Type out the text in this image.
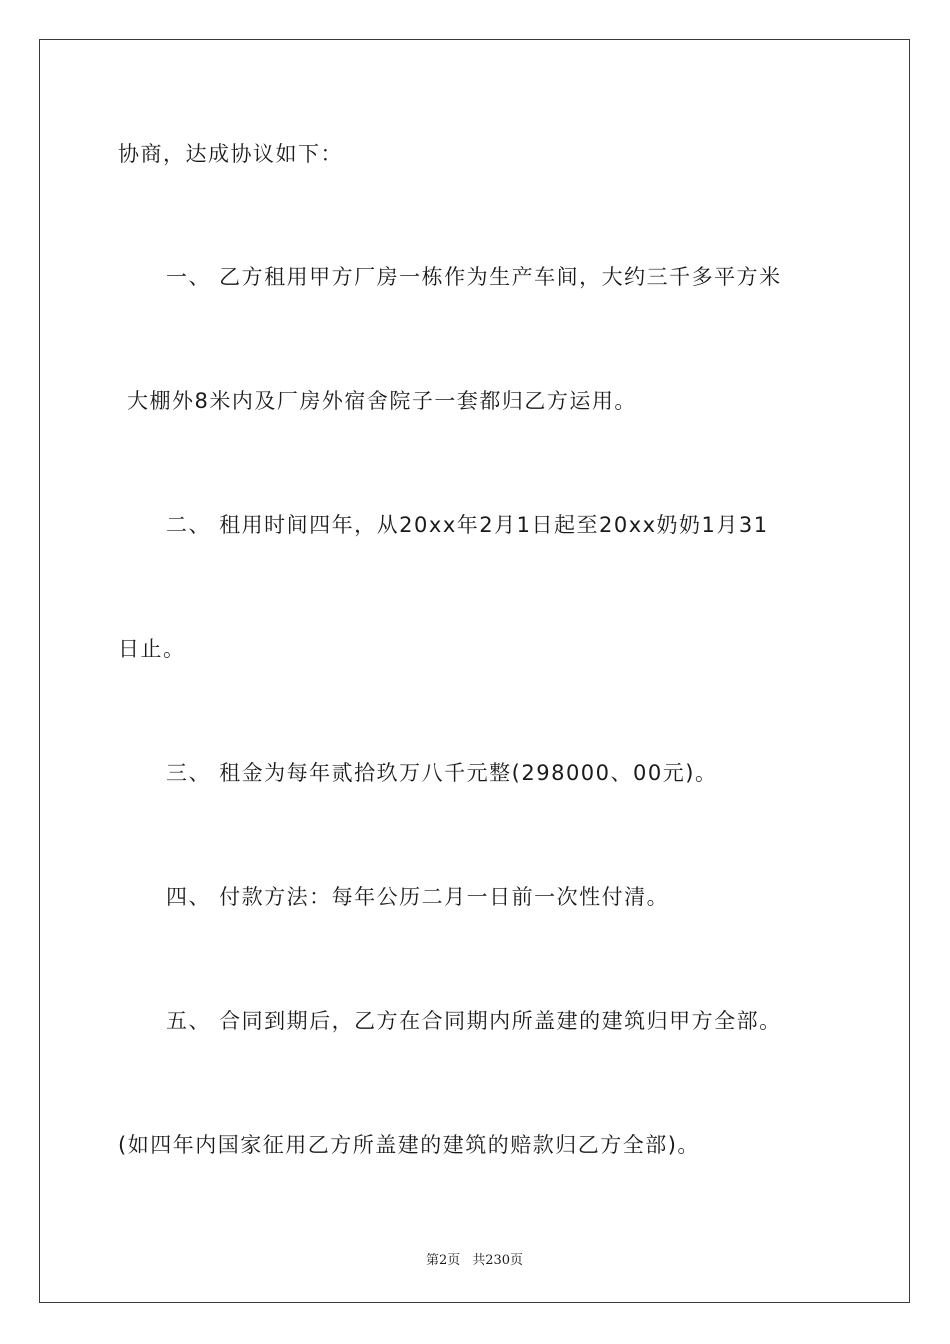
协商，达成协议如下：
一、 乙方租用甲方厂房一栋作为生产车间，大约三千多平方米
大棚外8米内及厂房外宿舍院子一套都归乙方运用。
二、 租用时间四年，从20xx年2月1日起至20xx奶奶1月31
日止。
三、 租金为每年贰拾玖万八千元整(298000、00元)。
四、 付款方法：每年公历二月一日前一次性付清。
五、 合同到期后，乙方在合同期内所盖建的建筑归甲方全部。
(如四年内国家征用乙方所盖建的建筑的赔款归乙方全部)。
第2页 共230页
